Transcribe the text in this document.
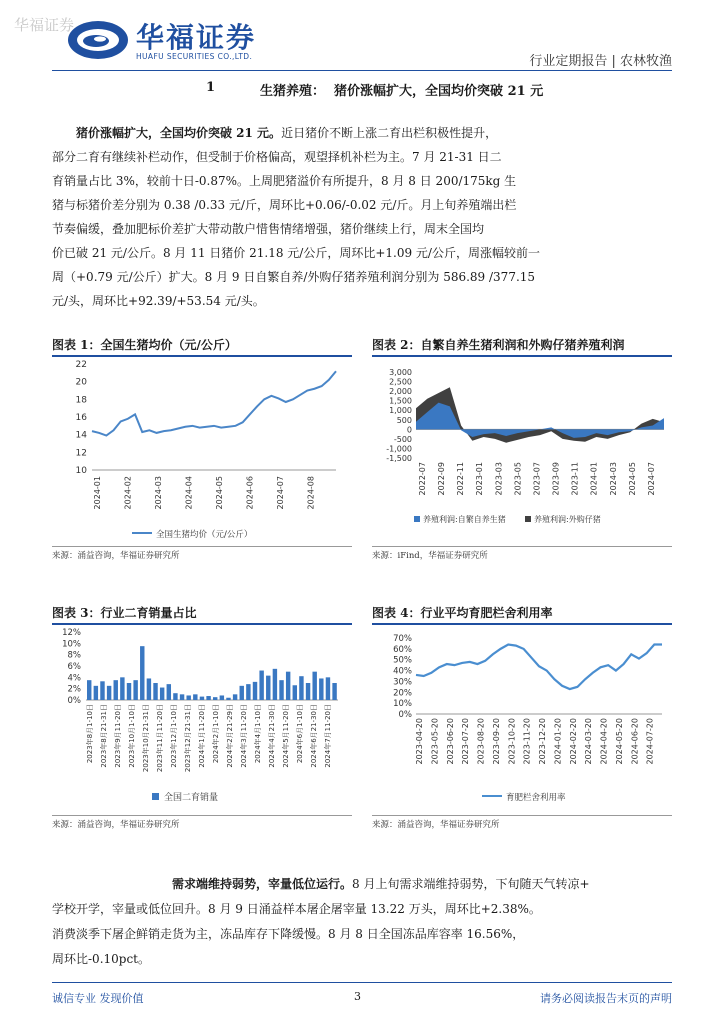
华福证券 华福证券
HUAFU SECURITIES CO.,LTD.	行业定期报告 | 农林牧渔
1	生猪养殖：  猪价涨幅扩大，全国均价突破 21 元
猪价涨幅扩大，全国均价突破 21 元。近日猪价不断上涨二育出栏积极性提升，
部分二育有继续补栏动作，但受制于价格偏高，观望择机补栏为主。7 月 21-31 日二
育销量占比 3%，较前十日-0.87%。上周肥猪溢价有所提升，8 月 8 日 200/175kg 生
猪与标猪价差分别为 0.38 /0.33 元/斤，周环比+0.06/-0.02 元/斤。月上旬养殖端出栏
节奏偏缓，叠加肥标价差扩大带动散户惜售情绪增强，猪价继续上行，周末全国均
价已破 21 元/公斤。8 月 11 日猪价 21.18 元/公斤，周环比+1.09 元/公斤，周涨幅较前一
周（+0.79 元/公斤）扩大。8 月 9 日自繁自养/外购仔猪养殖利润分别为 586.89 /377.15
元/头，周环比+92.39/+53.54 元/头。
图表 1：全国生猪均价（元/公斤）
10
12
14
16
18
20
22
2024-01	2024-02	2024-03	2024-04	2024-05	2024-06	2024-07	2024-08
全国生猪均价（元/公斤）
来源：涌益咨询，华福证券研究所
图表 2：自繁自养生猪利润和外购仔猪养殖利润
3,000
2,500
2,000
1,500
1,000
500
0
-500
-1,000
-1,500
2022-07 2022-09 2022-11 2023-01 2023-03 2023-05 2023-07 2023-09 2023-11 2024-01 2024-03 2024-05 2024-07
养殖利润:自繁自养生猪	养殖利润:外购仔猪
来源：iFind，华福证券研究所
图表 3：行业二育销量占比
12%
10%
8%
6%
4%
2%
0%
2023年8月1-10日 2023年8月21-31日 2023年9月11-20日 2023年10月1-10日 2023年10月21-31日 2023年11月11-20日 2023年12月1-10日 2023年12月21-31日 2024年1月11-20日 2024年2月1-10日 2024年2月21-29日 2024年3月11-20日 2024年4月1-10日 2024年4月21-30日 2024年5月11-20日 2024年6月1-10日 2024年6月21-30日 2024年7月11-20日
全国二育销量
来源：涌益咨询，华福证券研究所
图表 4：行业平均育肥栏舍利用率
70%
60%
50%
40%
30%
20%
10%
0%
2023-04-20 2023-05-20 2023-06-20 2023-07-20 2023-08-20 2023-09-20 2023-10-20 2023-11-20 2023-12-20 2024-01-20 2024-02-20 2024-03-20 2024-04-20 2024-05-20 2024-06-20 2024-07-20
育肥栏舍利用率
来源：涌益咨询，华福证券研究所
需求端维持弱势，宰量低位运行。8 月上旬需求端维持弱势，下旬随天气转凉+
学校开学，宰量或低位回升。8 月 9 日涌益样本屠企屠宰量 13.22 万头，周环比+2.38%。
消费淡季下屠企鲜销走货为主，冻品库存下降缓慢。8 月 8 日全国冻品库容率 16.56%，
周环比-0.10pct。
诚信专业 发现价值	3	请务必阅读报告末页的声明
